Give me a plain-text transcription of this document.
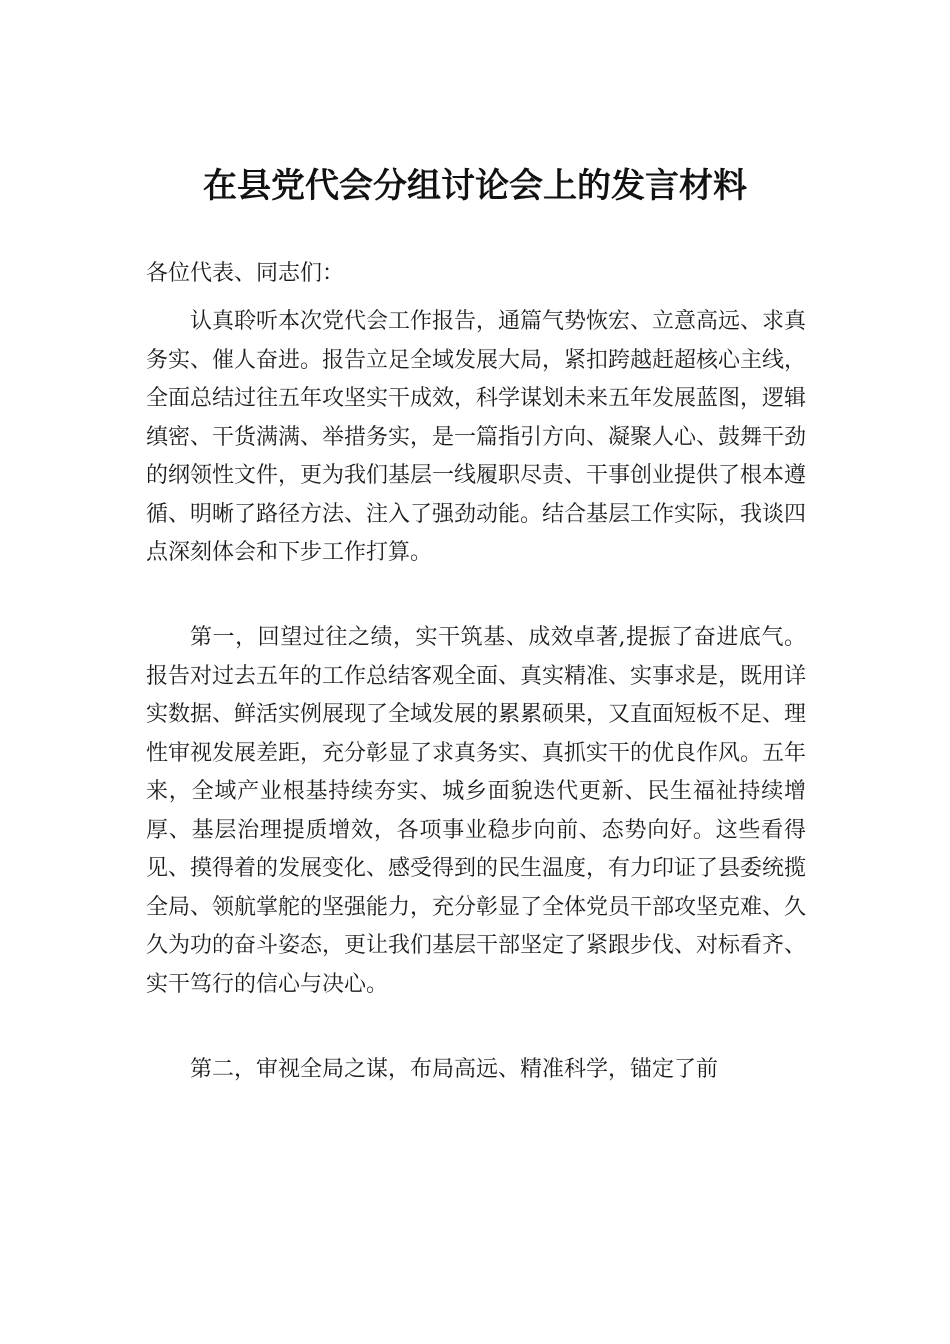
在县党代会分组讨论会上的发言材料

各位代表、同志们：

认真聆听本次党代会工作报告，通篇气势恢宏、立意高远、求真务实、催人奋进。报告立足全域发展大局，紧扣跨越赶超核心主线，全面总结过往五年攻坚实干成效，科学谋划未来五年发展蓝图，逻辑缜密、干货满满、举措务实，是一篇指引方向、凝聚人心、鼓舞干劲的纲领性文件，更为我们基层一线履职尽责、干事创业提供了根本遵循、明晰了路径方法、注入了强劲动能。结合基层工作实际，我谈四点深刻体会和下步工作打算。

第一，回望过往之绩，实干筑基、成效卓著,提振了奋进底气。报告对过去五年的工作总结客观全面、真实精准、实事求是，既用详实数据、鲜活实例展现了全域发展的累累硕果，又直面短板不足、理性审视发展差距，充分彰显了求真务实、真抓实干的优良作风。五年来，全域产业根基持续夯实、城乡面貌迭代更新、民生福祉持续增厚、基层治理提质增效，各项事业稳步向前、态势向好。这些看得见、摸得着的发展变化、感受得到的民生温度，有力印证了县委统揽全局、领航掌舵的坚强能力，充分彰显了全体党员干部攻坚克难、久久为功的奋斗姿态，更让我们基层干部坚定了紧跟步伐、对标看齐、实干笃行的信心与决心。

第二，审视全局之谋，布局高远、精准科学，锚定了前
